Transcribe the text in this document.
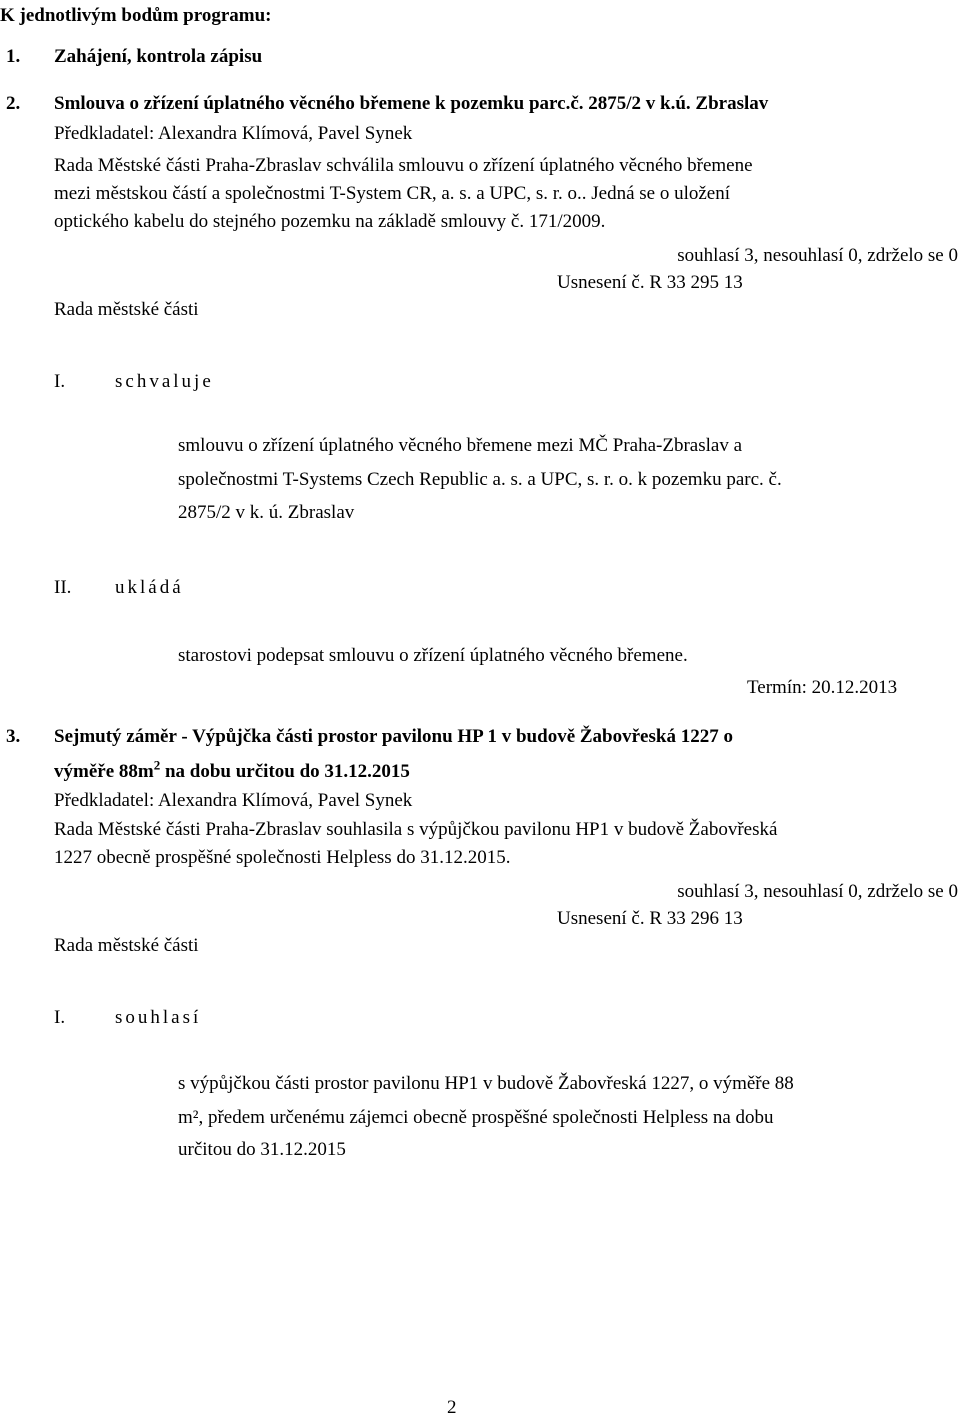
K jednotlivým bodům programu:
1. Zahájení, kontrola zápisu
2. Smlouva o zřízení úplatného věcného břemene k pozemku parc.č. 2875/2 v k.ú. Zbraslav
Předkladatel: Alexandra Klímová, Pavel Synek
Rada Městské části Praha-Zbraslav schválila smlouvu o zřízení úplatného věcného břemene
mezi městskou částí a společnostmi T-System CR, a. s. a UPC, s. r. o.. Jedná se o uložení
optického kabelu do stejného pozemku na základě smlouvy č. 171/2009.
souhlasí 3, nesouhlasí 0, zdrželo se 0
Usnesení č. R 33 295 13
Rada městské části
I.	schvaluje
smlouvu o zřízení úplatného věcného břemene mezi MČ Praha-Zbraslav a
společnostmi T-Systems Czech Republic a. s. a UPC, s. r. o. k pozemku parc. č.
2875/2 v k. ú. Zbraslav
II. ukládá
starostovi podepsat smlouvu o zřízení úplatného věcného břemene.
Termín: 20.12.2013
3. Sejmutý záměr - Výpůjčka části prostor pavilonu HP 1 v budově Žabovřeská 1227 o
výměře $88m^2$ na dobu určitou do 31.12.2015
Předkladatel: Alexandra Klímová, Pavel Synek
Rada Městské části Praha-Zbraslav souhlasila s výpůjčkou pavilonu HP1 v budově Žabovřeská
1227 obecně prospěšné společnosti Helpless do 31.12.2015.
souhlasí 3, nesouhlasí 0, zdrželo se 0
Usnesení č. R 33 296 13
Rada městské části
I.	souhlasí
s výpůjčkou části prostor pavilonu HP1 v budově Žabovřeská 1227, o výměře 88
m², předem určenému zájemci obecně prospěšné společnosti Helpless na dobu
určitou do 31.12.2015
2
